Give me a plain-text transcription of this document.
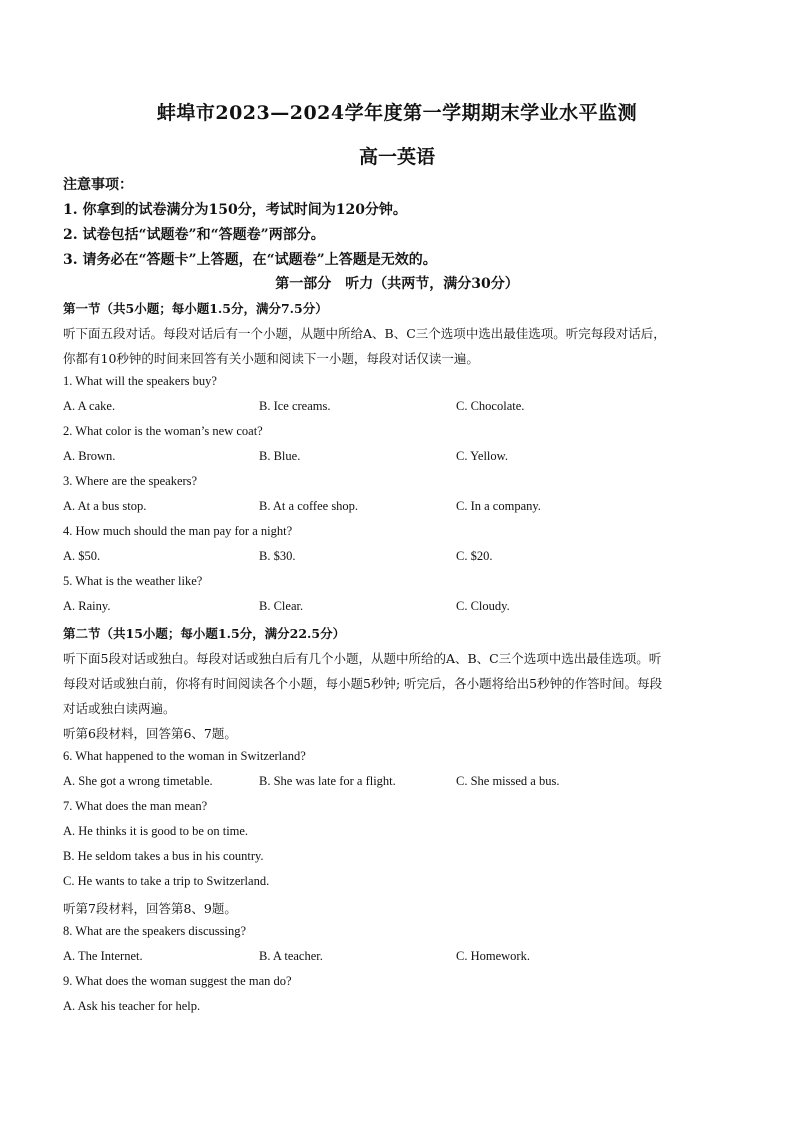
蚌埠市2023—2024学年度第一学期期末学业水平监测
高一英语
注意事项：
1. 你拿到的试卷满分为150分，考试时间为120分钟。
2. 试卷包括“试题卷”和“答题卷”两部分。
3. 请务必在“答题卡”上答题，在“试题卷”上答题是无效的。
第一部分　听力（共两节，满分30分）
第一节（共5小题；每小题1.5分，满分7.5分）
听下面五段对话。每段对话后有一个小题，从题中所给A、B、C三个选项中选出最佳选项。听完每段对话后，
你都有10秒钟的时间来回答有关小题和阅读下一小题，每段对话仅读一遍。
1. What will the speakers buy?
A. A cake.	B. Ice creams.	C. Chocolate.
2. What color is the woman’s new coat?
A. Brown.	B. Blue.	C. Yellow.
3. Where are the speakers?
A. At a bus stop.	B. At a coffee shop.	C. In a company.
4. How much should the man pay for a night?
A. $50.	B. $30.	C. $20.
5. What is the weather like?
A. Rainy.	B. Clear.	C. Cloudy.
第二节（共15小题；每小题1.5分，满分22.5分）
听下面5段对话或独白。每段对话或独白后有几个小题，从题中所给的A、B、C三个选项中选出最佳选项。听
每段对话或独白前，你将有时间阅读各个小题，每小题5秒钟; 听完后，各小题将给出5秒钟的作答时间。每段
对话或独白读两遍。
听第6段材料，回答第6、7题。
6. What happened to the woman in Switzerland?
A. She got a wrong timetable.	B. She was late for a flight.	C. She missed a bus.
7. What does the man mean?
A. He thinks it is good to be on time.
B. He seldom takes a bus in his country.
C. He wants to take a trip to Switzerland.
听第7段材料，回答第8、9题。
8. What are the speakers discussing?
A. The Internet.	B. A teacher.	C. Homework.
9. What does the woman suggest the man do?
A. Ask his teacher for help.
